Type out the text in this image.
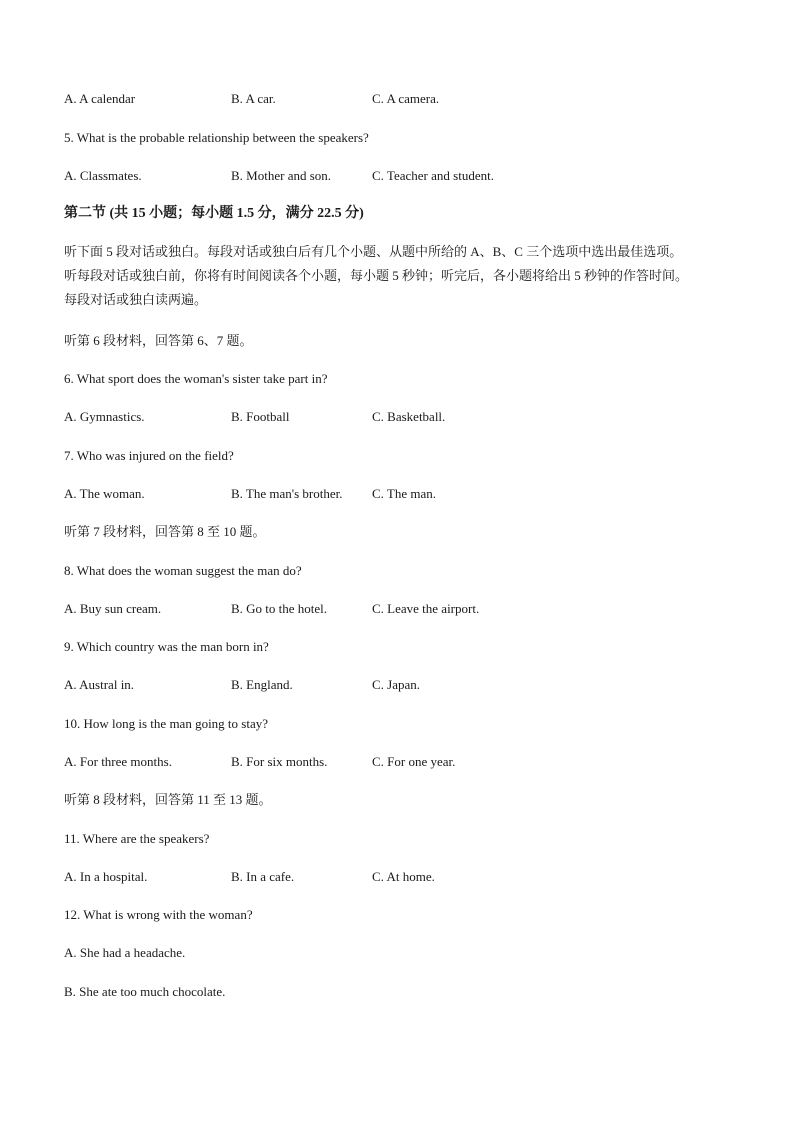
A. A calendar	B. A car.	C. A camera.
5. What is the probable relationship between the speakers?
A. Classmates.	B. Mother and son.	C. Teacher and student.
第二节 (共 15 小题；每小题 1.5 分，满分 22.5 分)
听下面 5 段对话或独白。每段对话或独白后有几个小题、从题中所给的 A、B、C 三个选项中选出最佳选项。
听每段对话或独白前，你将有时间阅读各个小题，每小题 5 秒钟；听完后，各小题将给出 5 秒钟的作答时间。
每段对话或独白读两遍。
听第 6 段材料，回答第 6、7 题。
6. What sport does the woman's sister take part in?
A. Gymnastics.	B. Football	C. Basketball.
7. Who was injured on the field?
A. The woman.	B. The man's brother. C. The man.
听第 7 段材料，回答第 8 至 10 题。
8. What does the woman suggest the man do?
A. Buy sun cream.	B. Go to the hotel.	C. Leave the airport.
9. Which country was the man born in?
A. Austral in.	B. England.	C. Japan.
10. How long is the man going to stay?
A. For three months.	B. For six months.	C. For one year.
听第 8 段材料，回答第 11 至 13 题。
11. Where are the speakers?
A. In a hospital.	B. In a cafe.	C. At home.
12. What is wrong with the woman?
A. She had a headache.
B. She ate too much chocolate.
